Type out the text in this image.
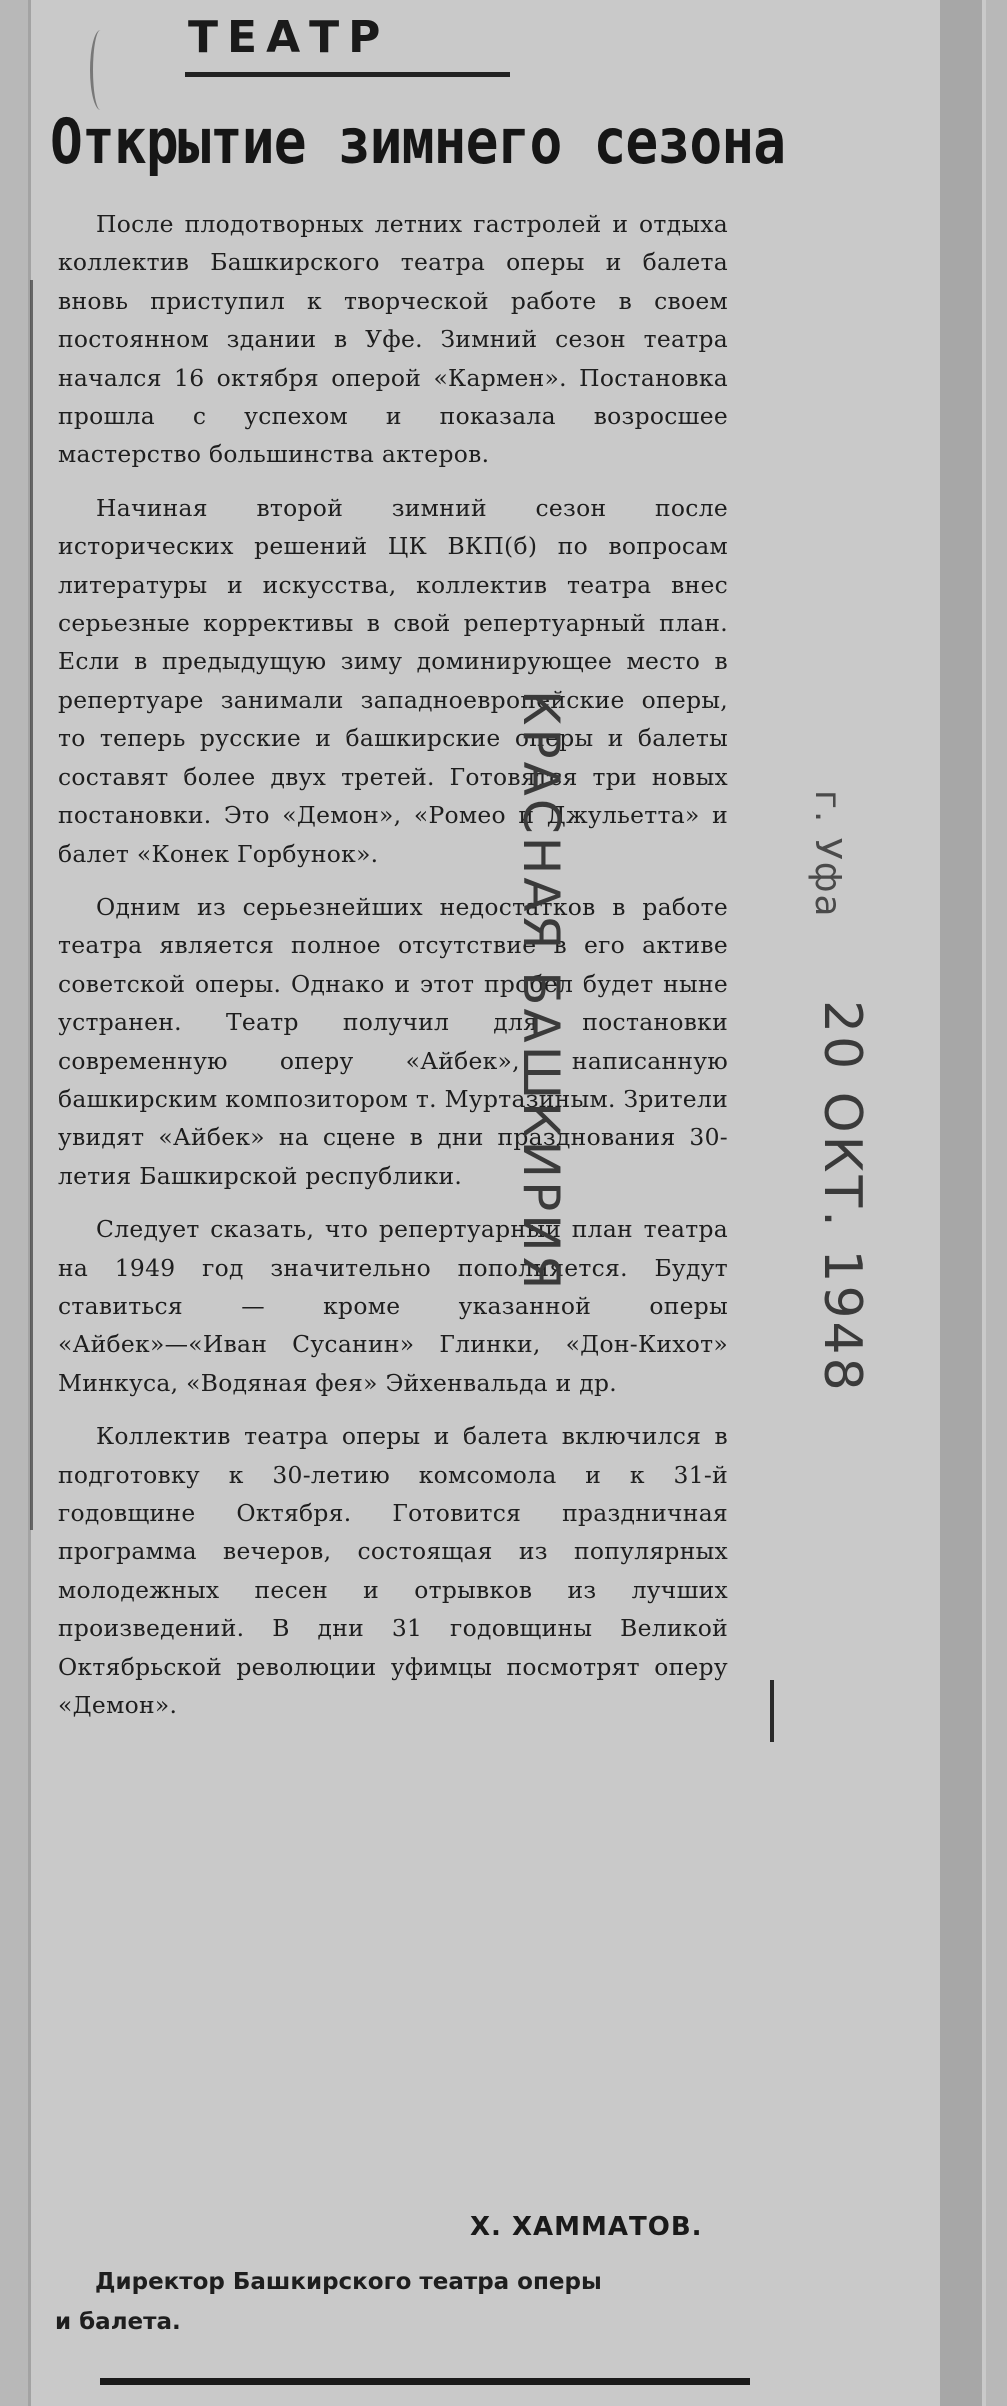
ТЕАТР
Открытие зимнего сезона

После плодотворных летних гастролей и отдыха коллектив Башкирского театра оперы и балета вновь приступил к творческой работе в своем постоянном здании в Уфе. Зимний сезон театра начался 16 октября оперой «Кармен». Постановка прошла с успехом и показала возросшее мастерство большинства актеров.

Начиная второй зимний сезон после исторических решений ЦК ВКП(б) по вопросам литературы и искусства, коллектив театра внес серьезные коррективы в свой репертуарный план. Если в предыдущую зиму доминирующее место в репертуаре занимали западноевропейские оперы, то теперь русские и башкирские оперы и балеты составят более двух третей. Готовятся три новых постановки. Это «Демон», «Ромео и Джульетта» и балет «Конек Горбунок».

Одним из серьезнейших недостатков в работе театра является полное отсутствие в его активе советской оперы. Однако и этот пробел будет ныне устранен. Театр получил для постановки современную оперу «Айбек», написанную башкирским композитором т. Муртазиным. Зрители увидят «Айбек» на сцене в дни празднования 30-летия Башкирской республики.

Следует сказать, что репертуарный план театра на 1949 год значительно пополняется. Будут ставиться — кроме указанной оперы «Айбек»—«Иван Сусанин» Глинки, «Дон-Кихот» Минкуса, «Водяная фея» Эйхенвальда и др.

Коллектив театра оперы и балета включился в подготовку к 30-летию комсомола и к 31-й годовщине Октября. Готовится праздничная программа вечеров, состоящая из популярных молодежных песен и отрывков из лучших произведений. В дни 31 годовщины Великой Октябрьской революции уфимцы посмотрят оперу «Демон».

Х. ХАММАТОВ.
Директор Башкирского театра оперы
и балета.
КРАСНАЯ БАШКИРИЯ	г. Уфа
20 ОКТ. 1948
